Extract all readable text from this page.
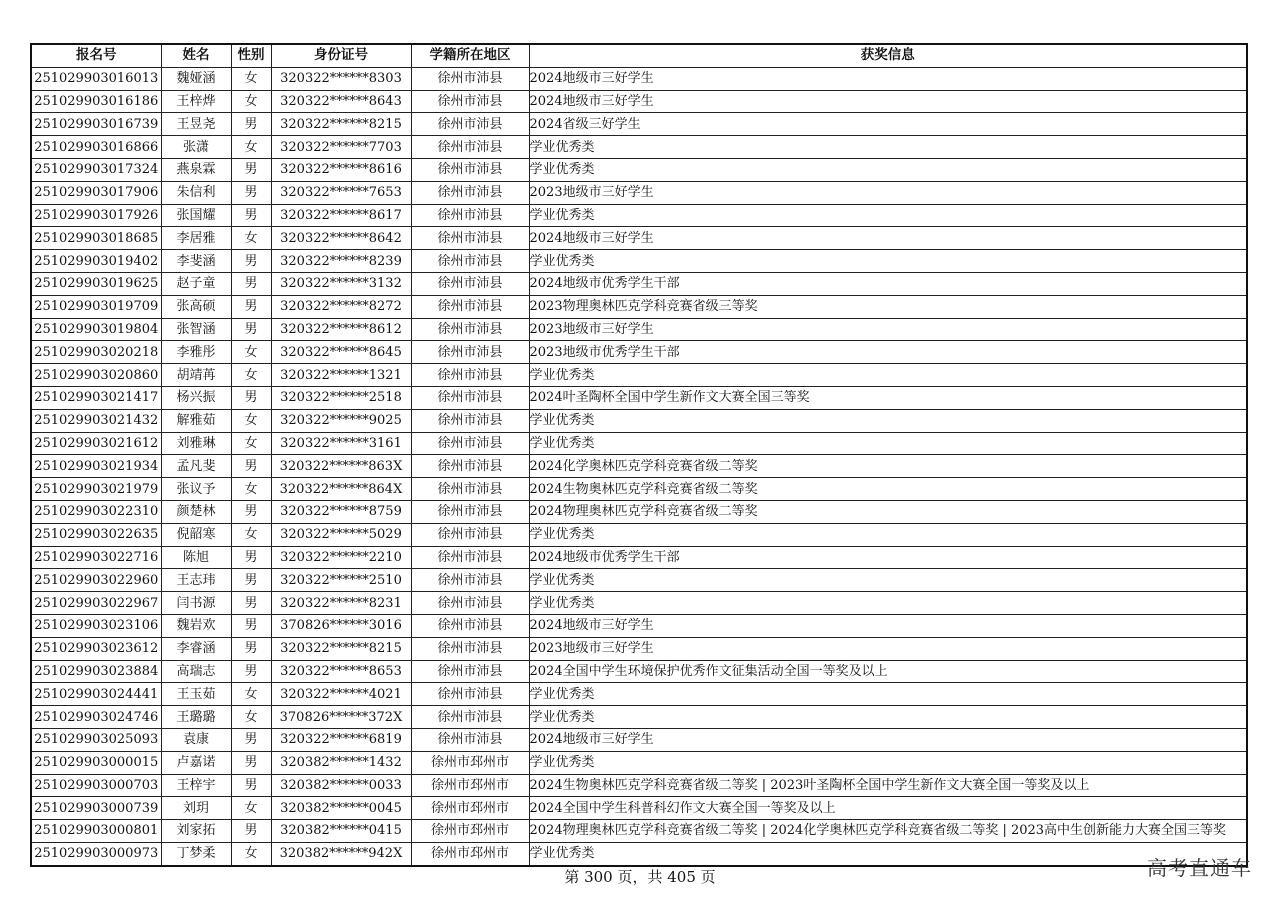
报名号	姓名	性别	身份证号	学籍所在地区	获奖信息
251029903016013	魏娅涵	女	320322******8303	徐州市沛县	2024地级市三好学生
251029903016186	王梓烨	女	320322******8643	徐州市沛县	2024地级市三好学生
251029903016739	王昱尧	男	320322******8215	徐州市沛县	2024省级三好学生
251029903016866	张潇	女	320322******7703	徐州市沛县	学业优秀类
251029903017324	燕泉霖	男	320322******8616	徐州市沛县	学业优秀类
251029903017906	朱信利	男	320322******7653	徐州市沛县	2023地级市三好学生
251029903017926	张国耀	男	320322******8617	徐州市沛县	学业优秀类
251029903018685	李居雅	女	320322******8642	徐州市沛县	2024地级市三好学生
251029903019402	李斐涵	男	320322******8239	徐州市沛县	学业优秀类
251029903019625	赵子童	男	320322******3132	徐州市沛县	2024地级市优秀学生干部
251029903019709	张高硕	男	320322******8272	徐州市沛县	2023物理奥林匹克学科竞赛省级三等奖
251029903019804	张智涵	男	320322******8612	徐州市沛县	2023地级市三好学生
251029903020218	李雅彤	女	320322******8645	徐州市沛县	2023地级市优秀学生干部
251029903020860	胡靖苒	女	320322******1321	徐州市沛县	学业优秀类
251029903021417	杨兴振	男	320322******2518	徐州市沛县	2024叶圣陶杯全国中学生新作文大赛全国三等奖
251029903021432	解雅茹	女	320322******9025	徐州市沛县	学业优秀类
251029903021612	刘雅琳	女	320322******3161	徐州市沛县	学业优秀类
251029903021934	孟凡斐	男	320322******863X	徐州市沛县	2024化学奥林匹克学科竞赛省级二等奖
251029903021979	张议予	女	320322******864X	徐州市沛县	2024生物奥林匹克学科竞赛省级二等奖
251029903022310	颜楚林	男	320322******8759	徐州市沛县	2024物理奥林匹克学科竞赛省级二等奖
251029903022635	倪韶寒	女	320322******5029	徐州市沛县	学业优秀类
251029903022716	陈旭	男	320322******2210	徐州市沛县	2024地级市优秀学生干部
251029903022960	王志玮	男	320322******2510	徐州市沛县	学业优秀类
251029903022967	闫书源	男	320322******8231	徐州市沛县	学业优秀类
251029903023106	魏岩欢	男	370826******3016	徐州市沛县	2024地级市三好学生
251029903023612	李睿涵	男	320322******8215	徐州市沛县	2023地级市三好学生
251029903023884	高瑞志	男	320322******8653	徐州市沛县	2024全国中学生环境保护优秀作文征集活动全国一等奖及以上
251029903024441	王玉茹	女	320322******4021	徐州市沛县	学业优秀类
251029903024746	王璐璐	女	370826******372X	徐州市沛县	学业优秀类
251029903025093	袁康	男	320322******6819	徐州市沛县	2024地级市三好学生
251029903000015	卢嘉诺	男	320382******1432	徐州市邳州市	学业优秀类
251029903000703	王梓宇	男	320382******0033	徐州市邳州市	2024生物奥林匹克学科竞赛省级二等奖 | 2023叶圣陶杯全国中学生新作文大赛全国一等奖及以上
251029903000739	刘玥	女	320382******0045	徐州市邳州市	2024全国中学生科普科幻作文大赛全国一等奖及以上
251029903000801	刘家拓	男	320382******0415	徐州市邳州市	2024物理奥林匹克学科竞赛省级二等奖 | 2024化学奥林匹克学科竞赛省级二等奖 | 2023高中生创新能力大赛全国三等奖
251029903000973	丁梦柔	女	320382******942X	徐州市邳州市	学业优秀类
第 300 页，共 405 页	高考直通车
